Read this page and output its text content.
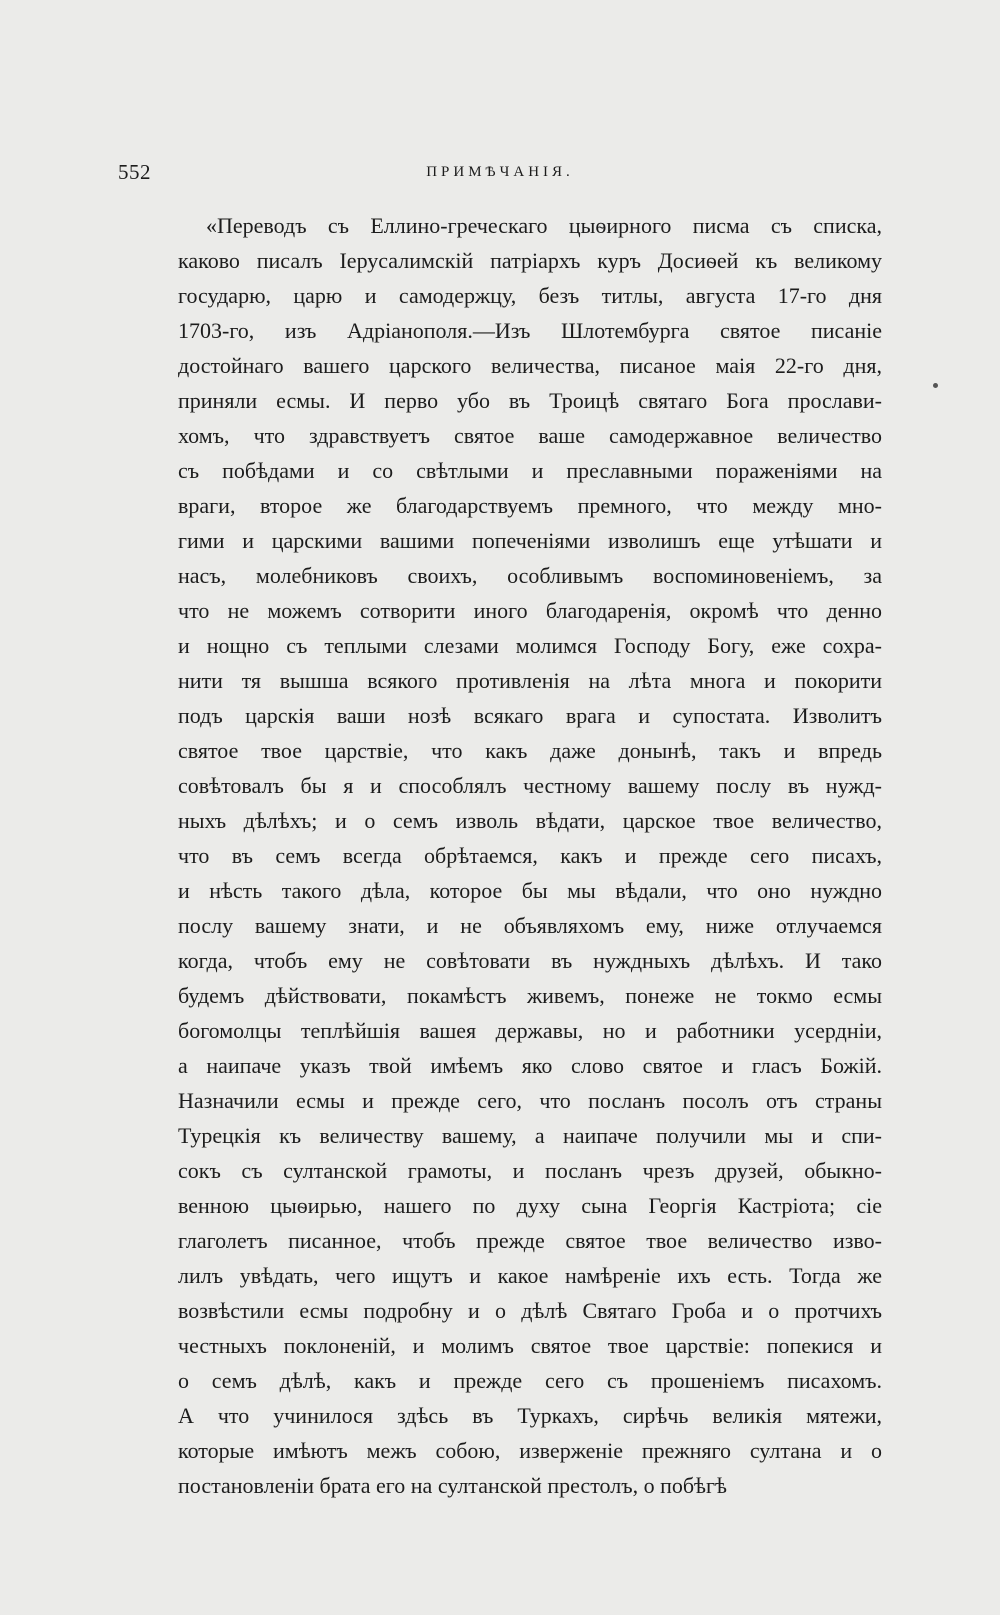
552	ПРИМѢЧАНІЯ.
«Переводъ съ Еллино-греческаго цыѳирного писма съ списка,
каково писалъ Іерусалимскій патріархъ куръ Досиѳей къ великому
государю, царю и самодержцу, безъ титлы, августа 17-го дня
1703-го, изъ Адріанополя.—Изъ Шлотембурга святое писаніе
достойнаго вашего царского величества, писаное маія 22-го дня,
приняли есмы. И перво убо въ Троицѣ святаго Бога прослави-
хомъ, что здравствуетъ святое ваше самодержавное величество
съ побѣдами и со свѣтлыми и преславными пораженіями на
враги, второе же благодарствуемъ премного, что между мно-
гими и царскими вашими попеченіями изволишъ еще утѣшати и
насъ, молебниковъ своихъ, особливымъ воспоминовеніемъ, за
что не можемъ сотворити иного благодаренія, окромѣ что денно
и нощно съ теплыми слезами молимся Господу Богу, еже сохра-
нити тя вышша всякого противленія на лѣта многа и покорити
подъ царскія ваши нозѣ всякаго врага и супостата. Изволитъ
святое твое царствіе, что какъ даже донынѣ, такъ и впредь
совѣтовалъ бы я и способлялъ честному вашему послу въ нужд-
ныхъ дѣлѣхъ; и о семъ изволь вѣдати, царское твое величество,
что въ семъ всегда обрѣтаемся, какъ и прежде сего писахъ,
и нѣсть такого дѣла, которое бы мы вѣдали, что оно нуждно
послу вашему знати, и не объявляхомъ ему, ниже отлучаемся
когда, чтобъ ему не совѣтовати въ нуждныхъ дѣлѣхъ. И тако
будемъ дѣйствовати, покамѣстъ живемъ, понеже не токмо есмы
богомолцы теплѣйшія вашея державы, но и работники усердніи,
а наипаче указъ твой имѣемъ яко слово святое и гласъ Божій.
Назначили есмы и прежде сего, что посланъ посолъ отъ страны
Турецкія къ величеству вашему, а наипаче получили мы и спи-
сокъ съ султанской грамоты, и посланъ чрезъ друзей, обыкно-
венною цыѳирью, нашего по духу сына Георгія Кастріота; сіе
глаголетъ писанное, чтобъ прежде святое твое величество изво-
лилъ увѣдать, чего ищутъ и какое намѣреніе ихъ есть. Тогда же
возвѣстили есмы подробну и о дѣлѣ Святаго Гроба и о протчихъ
честныхъ поклоненій, и молимъ святое твое царствіе: попекися и
о семъ дѣлѣ, какъ и прежде сего съ прошеніемъ писахомъ.
А что учинилося здѣсь въ Туркахъ, сирѣчь великія мятежи,
которые имѣютъ межъ собою, изверженіе прежняго султана и о
постановленіи брата его на султанской престолъ, о побѣгѣ
